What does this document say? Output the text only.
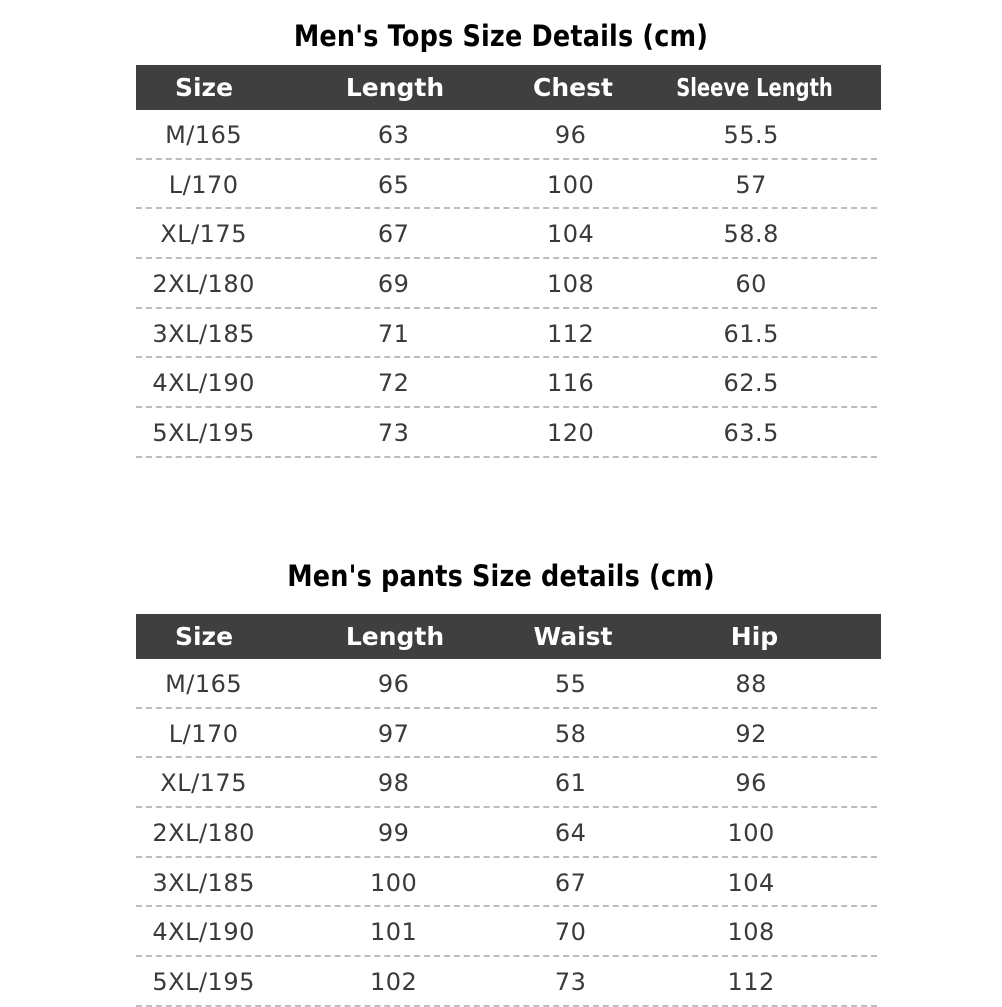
Men's Tops Size Details (cm)
Size	Length	Chest	Sleeve Length
M/165	63	96	55.5
L/170	65	100	57
XL/175	67	104	58.8
2XL/180	69	108	60
3XL/185	71	112	61.5
4XL/190	72	116	62.5
5XL/195	73	120	63.5
Men's pants Size details (cm)
Size	Length	Waist	Hip
M/165	96	55	88
L/170	97	58	92
XL/175	98	61	96
2XL/180	99	64	100
3XL/185	100	67	104
4XL/190	101	70	108
5XL/195	102	73	112
